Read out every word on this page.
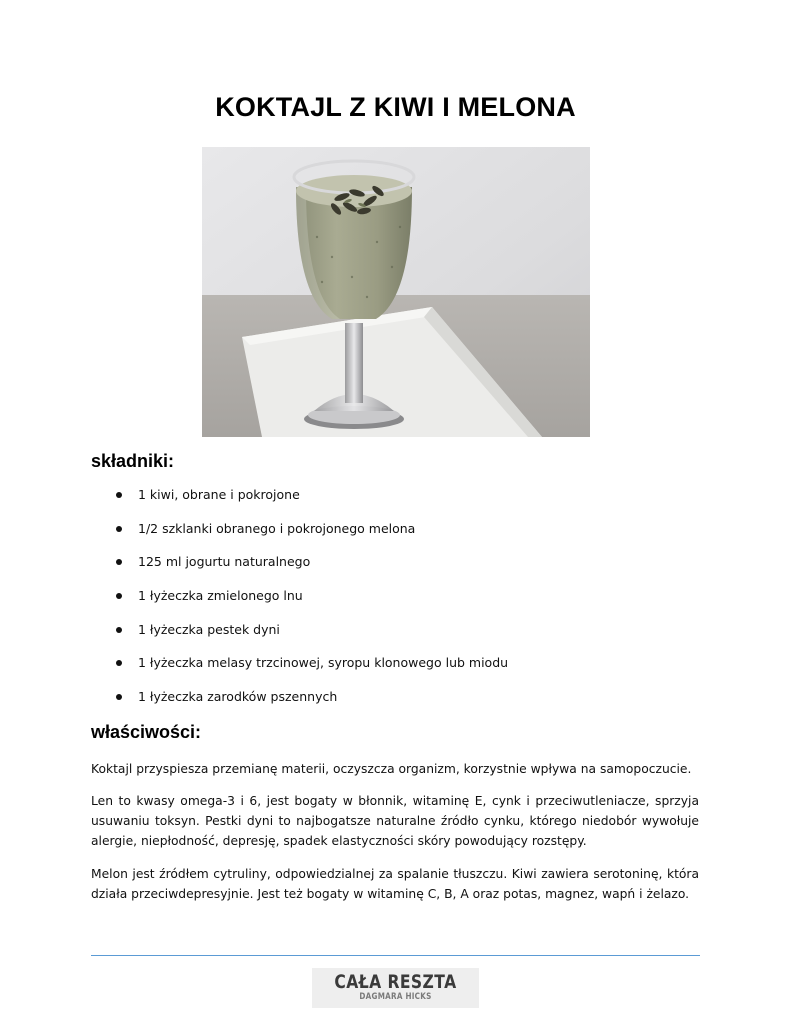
KOKTAJL Z KIWI I MELONA
składniki:
1 kiwi, obrane i pokrojone
1/2 szklanki obranego i pokrojonego melona
125 ml jogurtu naturalnego
1 łyżeczka zmielonego lnu
1 łyżeczka pestek dyni
1 łyżeczka melasy trzcinowej, syropu klonowego lub miodu
1 łyżeczka zarodków pszennych
właściwości:

Koktajl przyspiesza przemianę materii, oczyszcza organizm, korzystnie wpływa na samopoczucie.

Len to kwasy omega-3 i 6, jest bogaty w błonnik, witaminę E, cynk i przeciwutleniacze, sprzyja usuwaniu toksyn. Pestki dyni to najbogatsze naturalne źródło cynku, którego niedobór wywołuje alergie, niepłodność, depresję, spadek elastyczności skóry powodujący rozstępy.

Melon jest źródłem cytruliny, odpowiedzialnej za spalanie tłuszczu. Kiwi zawiera serotoninę, która działa przeciwdepresyjnie. Jest też bogaty w witaminę C, B, A oraz potas, magnez, wapń i żelazo.

CAŁA RESZTA
DAGMARA HICKS
